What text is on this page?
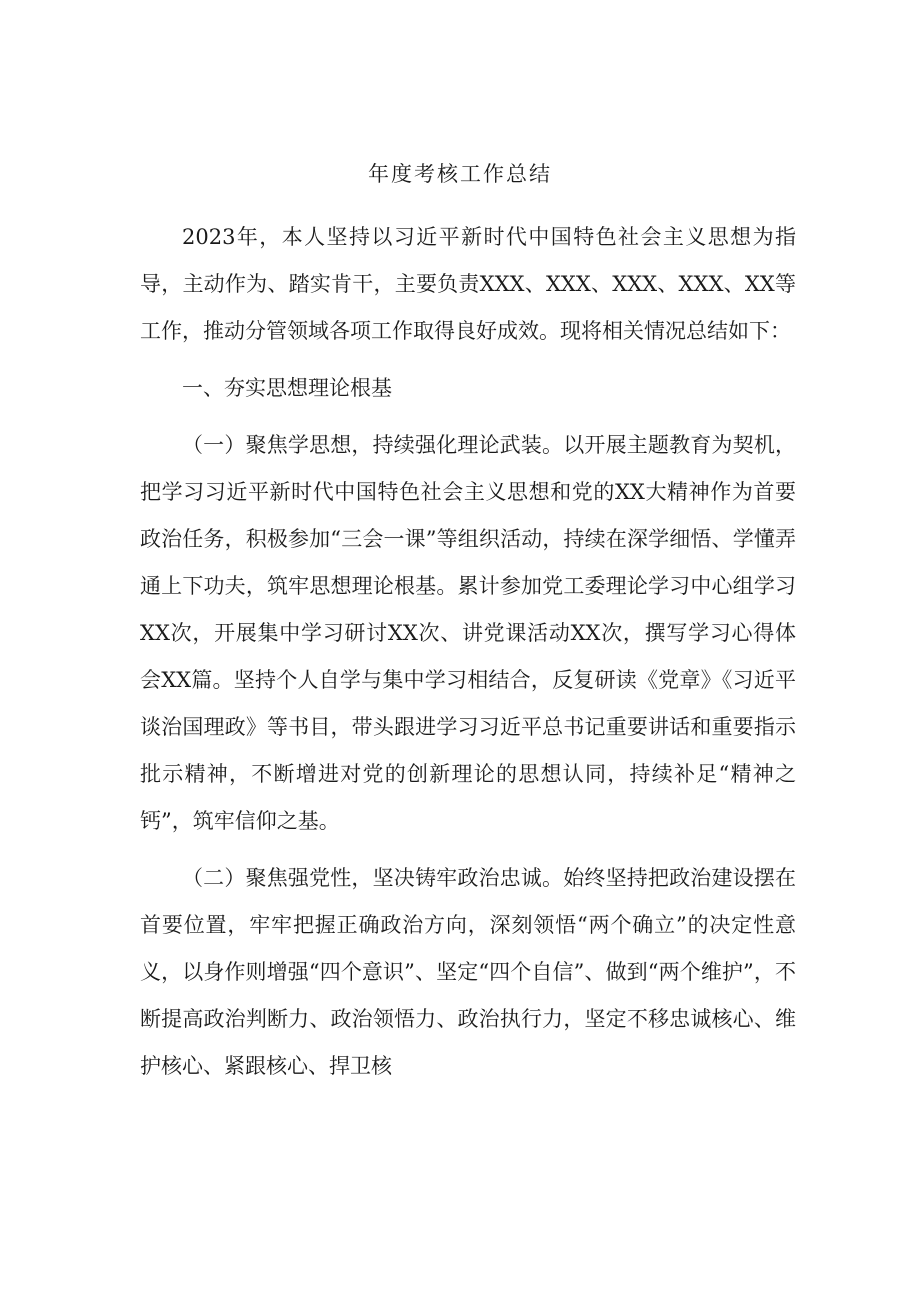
年度考核工作总结

2023年，本人坚持以习近平新时代中国特色社会主义思想为指导，主动作为、踏实肯干，主要负责XXX、XXX、XXX、XXX、XX等工作，推动分管领域各项工作取得良好成效。现将相关情况总结如下：

一、夯实思想理论根基

（一）聚焦学思想，持续强化理论武装。以开展主题教育为契机，把学习习近平新时代中国特色社会主义思想和党的XX大精神作为首要政治任务，积极参加“三会一课”等组织活动，持续在深学细悟、学懂弄通上下功夫，筑牢思想理论根基。累计参加党工委理论学习中心组学习XX次，开展集中学习研讨XX次、讲党课活动XX次，撰写学习心得体会XX篇。坚持个人自学与集中学习相结合，反复研读《党章》《习近平谈治国理政》等书目，带头跟进学习习近平总书记重要讲话和重要指示批示精神，不断增进对党的创新理论的思想认同，持续补足“精神之钙”，筑牢信仰之基。

（二）聚焦强党性，坚决铸牢政治忠诚。始终坚持把政治建设摆在首要位置，牢牢把握正确政治方向，深刻领悟“两个确立”的决定性意义，以身作则增强“四个意识”、坚定“四个自信”、做到“两个维护”，不断提高政治判断力、政治领悟力、政治执行力，坚定不移忠诚核心、维护核心、紧跟核心、捍卫核
